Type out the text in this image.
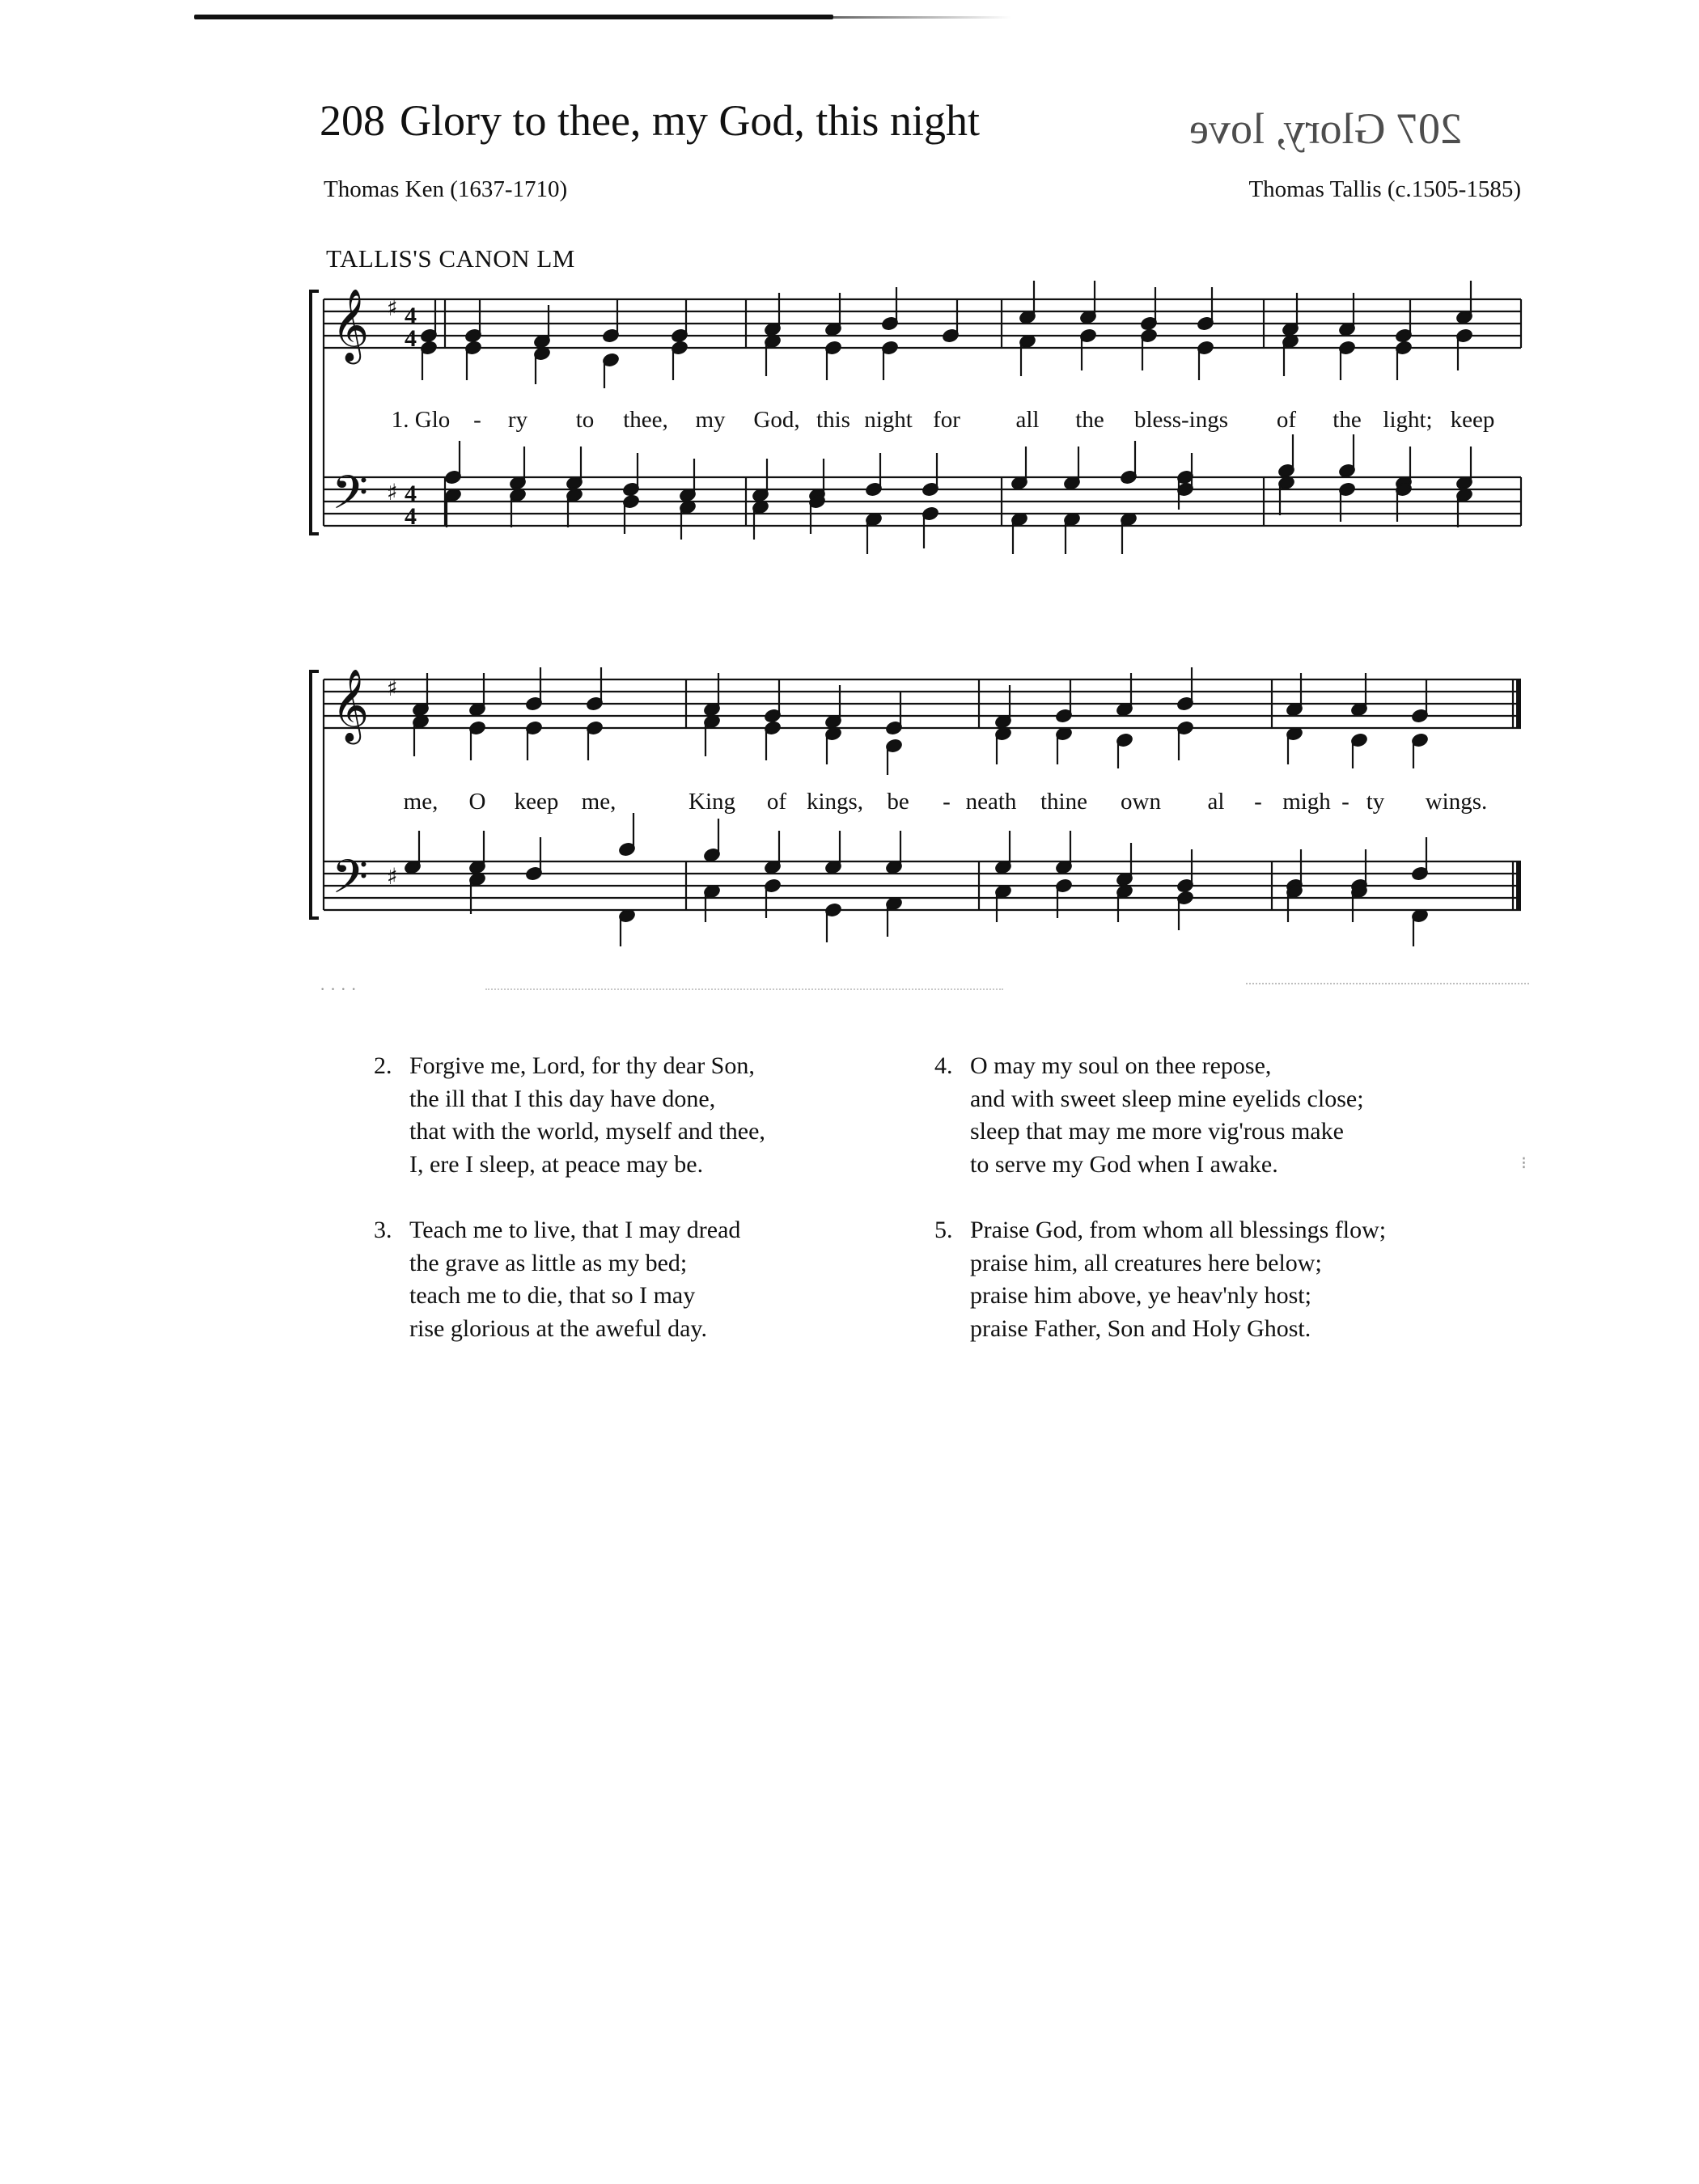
208 Glory to thee, my God, this night	207 Glory, love
Thomas Ken (1637-1710)	Thomas Tallis (c.1505-1585)
TALLIS'S CANON LM
𝄞
𝄢
♯
♯
4
4
4
4
1. Glo - ry to thee, my God, this night for all the bless-ings of the light; keep
𝄞
𝄢
♯
♯
me, O keep me,	King of kings, be - neath thine own al - migh - ty wings.
2. Forgive me, Lord, for thy dear Son,
the ill that I this day have done,
that with the world, myself and thee,
I, ere I sleep, at peace may be.
3. Teach me to live, that I may dread
the grave as little as my bed;
teach me to die, that so I may
rise glorious at the aweful day.
4. O may my soul on thee repose,
and with sweet sleep mine eyelids close;
sleep that may me more vig'rous make
to serve my God when I awake.
5. Praise God, from whom all blessings flow;
praise him, all creatures here below;
praise him above, ye heav'nly host;
praise Father, Son and Holy Ghost.
· · · ·
⁝
